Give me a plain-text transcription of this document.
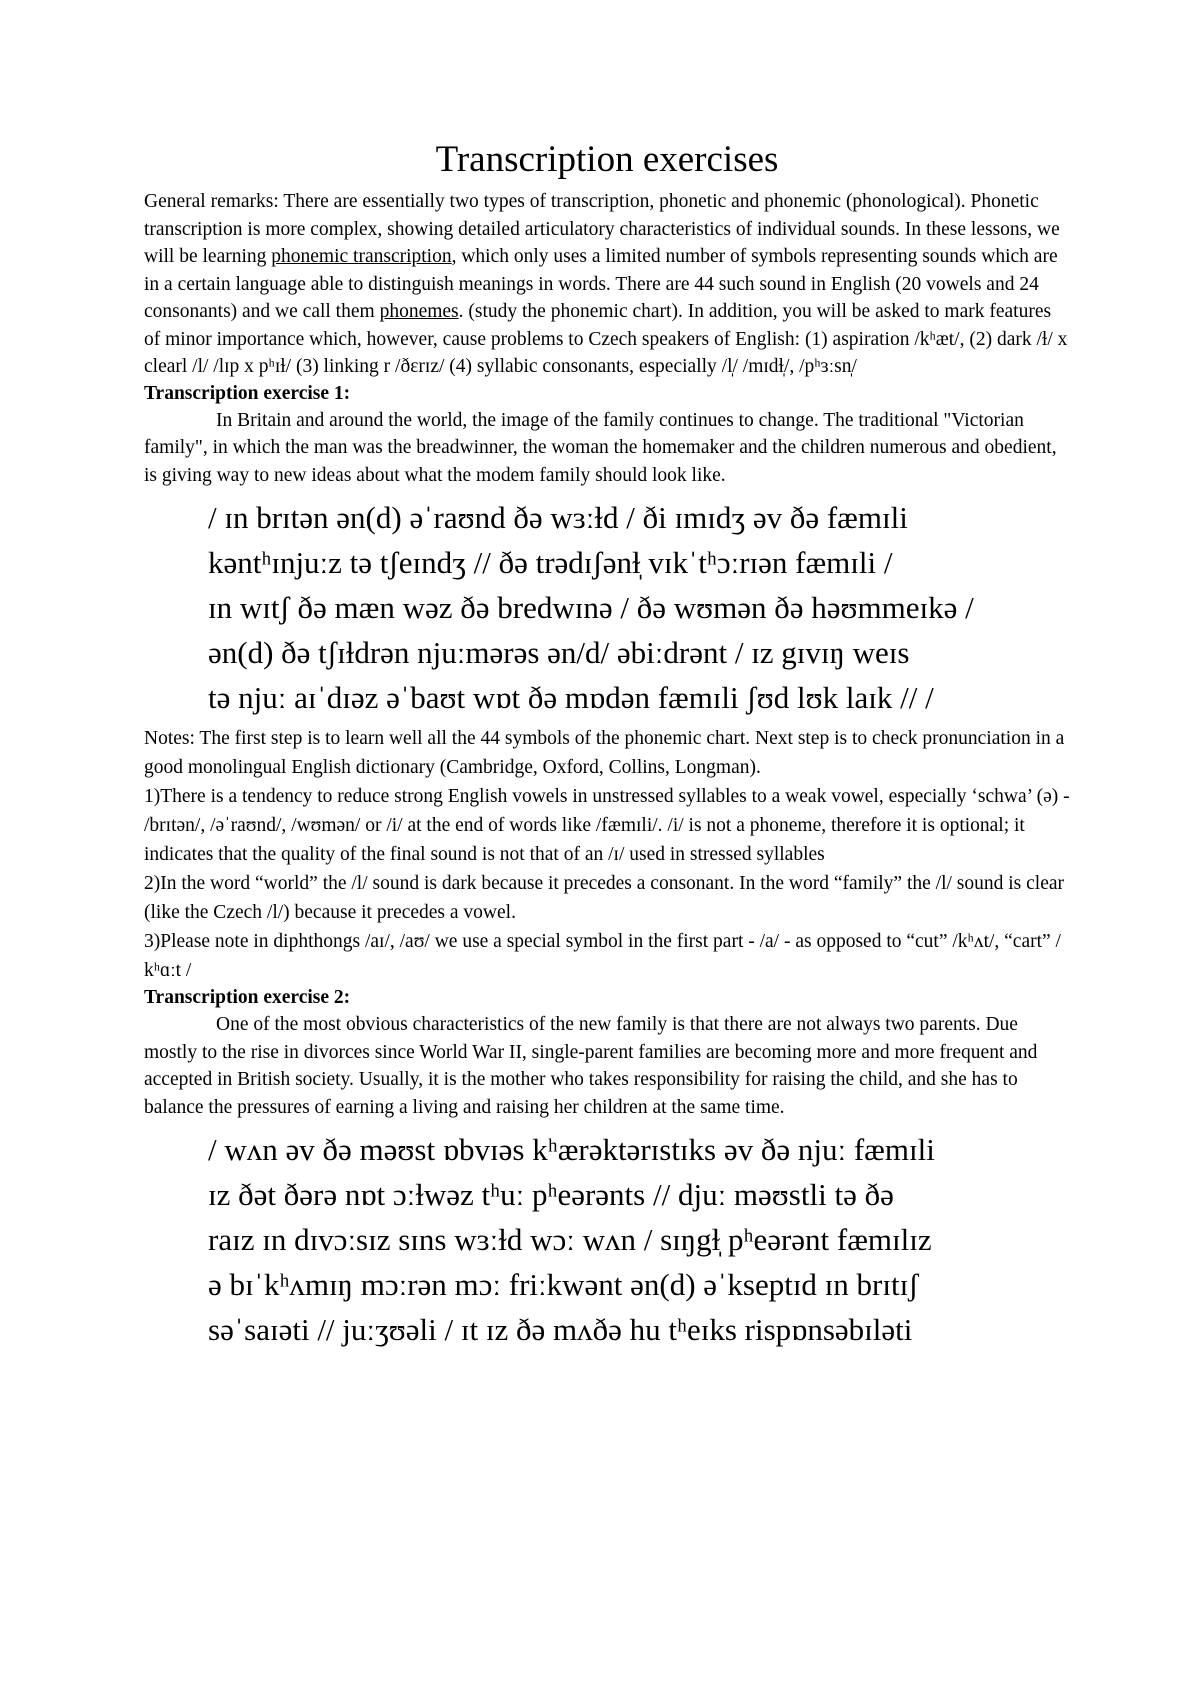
Transcription exercises

General remarks: There are essentially two types of transcription, phonetic and phonemic (phonological). Phonetic transcription is more complex, showing detailed articulatory characteristics of individual sounds. In these lessons, we will be learning phonemic transcription, which only uses a limited number of symbols representing sounds which are in a certain language able to distinguish meanings in words. There are 44 such sound in English (20 vowels and 24 consonants) and we call them phonemes. (study the phonemic chart). In addition, you will be asked to mark features of minor importance which, however, cause problems to Czech speakers of English: (1) aspiration /kʰæt/, (2) dark /ɫ/ x clearl /l/ /lɪp x pʰɪɫ/ (3) linking r /ðɛrɪz/ (4) syllabic consonants, especially /l̩/ /mɪdɫ̩/, /pʰɜːsn̩/

Transcription exercise 1:

In Britain and around the world, the image of the family continues to change. The traditional "Victorian family", in which the man was the breadwinner, the woman the homemaker and the children numerous and obedient, is giving way to new ideas about what the modem family should look like.

/ ɪn brɪtən ən(d) əˈraʊnd ðə wɜːɫd / ði ɪmɪdʒ əv ðə fæmɪli
kəntʰɪnjuːz tə tʃeɪndʒ // ðə trədɪʃənɫ̩ vɪkˈtʰɔːrɪən fæmɪli /
ɪn wɪtʃ ðə mæn wəz ðə bredwɪnə / ðə wʊmən ðə həʊmmeɪkə /
ən(d) ðə tʃɪɫdrən njuːmərəs ən/d/ əbiːdrənt / ɪz gɪvɪŋ weɪs
tə njuː aɪˈdɪəz əˈbaʊt wɒt ðə mɒdən fæmɪli ʃʊd lʊk laɪk // /

Notes: The first step is to learn well all the 44 symbols of the phonemic chart. Next step is to check pronunciation in a good monolingual English dictionary (Cambridge, Oxford, Collins, Longman).

1)There is a tendency to reduce strong English vowels in unstressed syllables to a weak vowel, especially ‘schwa’ (ə) - /brɪtən/, /əˈraʊnd/, /wʊmən/ or /i/ at the end of words like /fæmɪli/. /i/ is not a phoneme, therefore it is optional; it indicates that the quality of the final sound is not that of an /ɪ/ used in stressed syllables

2)In the word “world” the /l/ sound is dark because it precedes a consonant. In the word “family” the /l/ sound is clear (like the Czech /l/) because it precedes a vowel.

3)Please note in diphthongs /aɪ/, /aʊ/ we use a special symbol in the first part - /a/ - as opposed to “cut” /kʰʌt/, “cart” / kʰɑːt /

Transcription exercise 2:

One of the most obvious characteristics of the new family is that there are not always two parents. Due mostly to the rise in divorces since World War II, single-parent families are becoming more and more frequent and accepted in British society. Usually, it is the mother who takes responsibility for raising the child, and she has to balance the pressures of earning a living and raising her children at the same time.

/ wʌn əv ðə məʊst ɒbvɪəs kʰærəktərɪstɪks əv ðə njuː fæmɪli
ɪz ðət ðərə nɒt ɔːɫwəz tʰuː pʰeərənts // djuː məʊstli tə ðə
raɪz ɪn dɪvɔːsɪz sɪns wɜːɫd wɔː wʌn / sɪŋgɫ̩ pʰeərənt fæmɪlɪz
ə bɪˈkʰʌmɪŋ mɔːrən mɔː friːkwənt ən(d) əˈkseptɪd ɪn brɪtɪʃ
səˈsaɪəti // juːʒʊəli / ɪt ɪz ðə mʌðə hu tʰeɪks rispɒnsəbɪləti
